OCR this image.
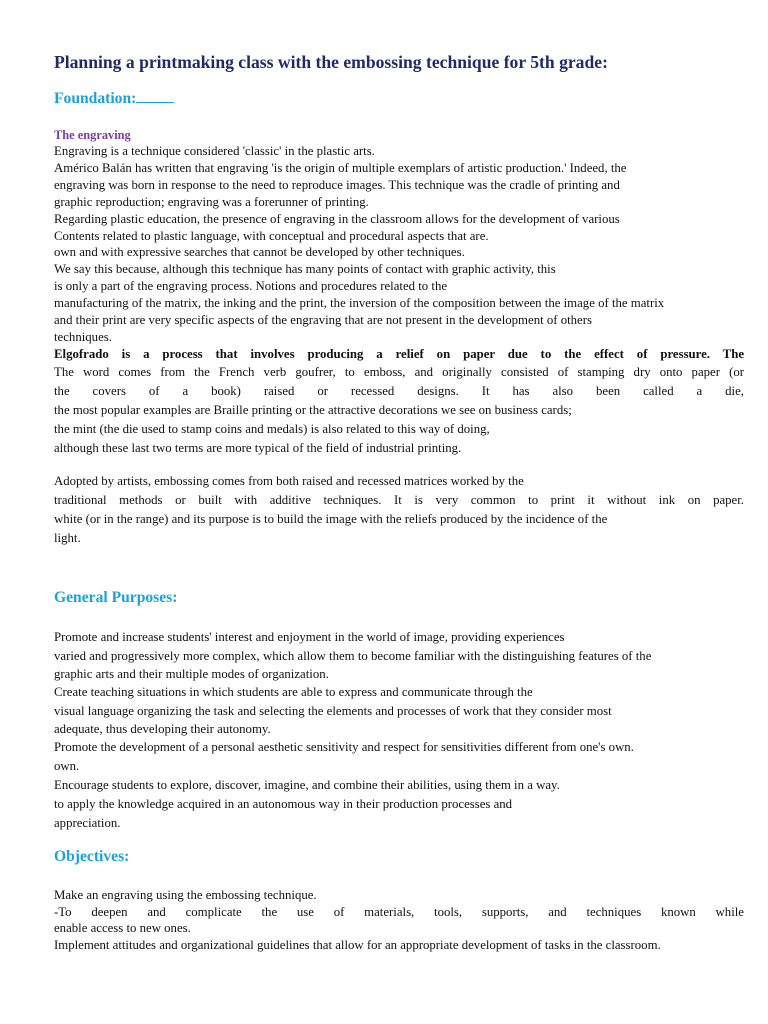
Planning a printmaking class with the embossing technique for 5th grade:
Foundation:
The engraving

Engraving is a technique considered 'classic' in the plastic arts.

Américo Balán has written that engraving 'is the origin of multiple exemplars of artistic production.' Indeed, the

engraving was born in response to the need to reproduce images. This technique was the cradle of printing and

graphic reproduction; engraving was a forerunner of printing.

Regarding plastic education, the presence of engraving in the classroom allows for the development of various

Contents related to plastic language, with conceptual and procedural aspects that are.

own and with expressive searches that cannot be developed by other techniques.

We say this because, although this technique has many points of contact with graphic activity, this

is only a part of the engraving process. Notions and procedures related to the

manufacturing of the matrix, the inking and the print, the inversion of the composition between the image of the matrix

and their print are very specific aspects of the engraving that are not present in the development of others

techniques.

Elgofrado is a process that involves producing a relief on paper due to the effect of pressure. The

The word comes from the French verb goufrer, to emboss, and originally consisted of stamping dry onto paper (or

the covers of a book) raised or recessed designs. It has also been called a die,

the most popular examples are Braille printing or the attractive decorations we see on business cards;

the mint (the die used to stamp coins and medals) is also related to this way of doing,

although these last two terms are more typical of the field of industrial printing.

Adopted by artists, embossing comes from both raised and recessed matrices worked by the

traditional methods or built with additive techniques. It is very common to print it without ink on paper.

white (or in the range) and its purpose is to build the image with the reliefs produced by the incidence of the

light.

General Purposes:

Promote and increase students' interest and enjoyment in the world of image, providing experiences

varied and progressively more complex, which allow them to become familiar with the distinguishing features of the

graphic arts and their multiple modes of organization.

Create teaching situations in which students are able to express and communicate through the

visual language organizing the task and selecting the elements and processes of work that they consider most

adequate, thus developing their autonomy.

Promote the development of a personal aesthetic sensitivity and respect for sensitivities different from one's own.

own.

Encourage students to explore, discover, imagine, and combine their abilities, using them in a way.

to apply the knowledge acquired in an autonomous way in their production processes and

appreciation.

Objectives:

Make an engraving using the embossing technique.

-To deepen and complicate the use of materials, tools, supports, and techniques known while

enable access to new ones.

Implement attitudes and organizational guidelines that allow for an appropriate development of tasks in the classroom.
